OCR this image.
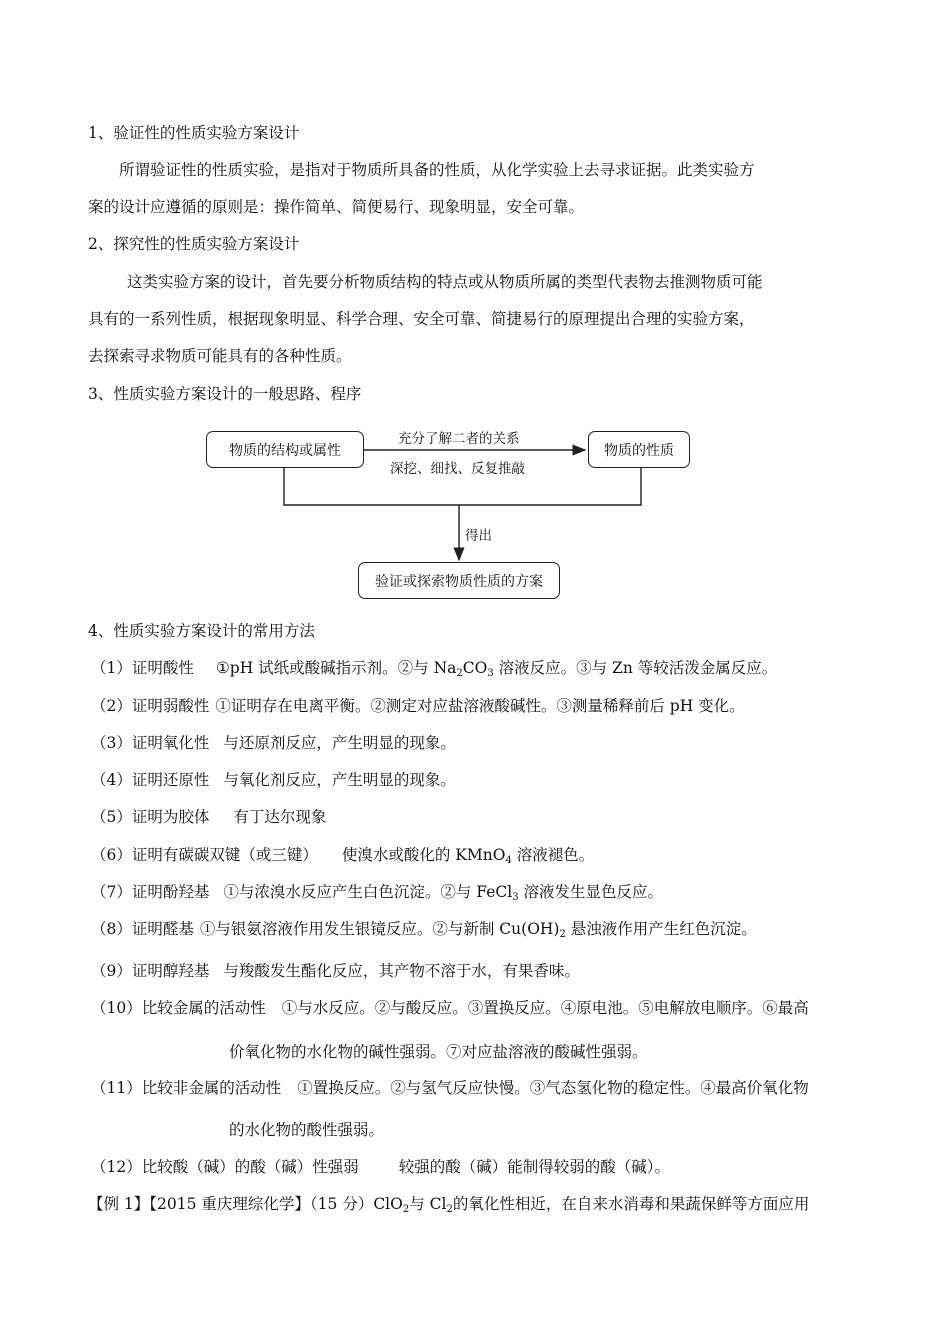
1、验证性的性质实验方案设计
所谓验证性的性质实验，是指对于物质所具备的性质，从化学实验上去寻求证据。此类实验方
案的设计应遵循的原则是：操作简单、简便易行、现象明显，安全可靠。
2、探究性的性质实验方案设计
这类实验方案的设计，首先要分析物质结构的特点或从物质所属的类型代表物去推测物质可能
具有的一系列性质，根据现象明显、科学合理、安全可靠、简捷易行的原理提出合理的实验方案，
去探索寻求物质可能具有的各种性质。
3、性质实验方案设计的一般思路、程序
物质的结构或属性	物质的性质
充分了解二者的关系
深挖、细找、反复推敲
得出
验证或探索物质性质的方案
4、性质实验方案设计的常用方法
（1）证明酸性 ①pH 试纸或酸碱指示剂。②与 $Na_2CO_3$ 溶液反应。③与 Zn 等较活泼金属反应。
（2）证明弱酸性 ①证明存在电离平衡。②测定对应盐溶液酸碱性。③测量稀释前后 pH 变化。
（3）证明氧化性 与还原剂反应，产生明显的现象。
（4）证明还原性 与氧化剂反应，产生明显的现象。
（5）证明为胶体 有丁达尔现象
（6）证明有碳碳双键（或三键） 使溴水或酸化的 KMnO$_4$ 溶液褪色。
（7）证明酚羟基 ①与浓溴水反应产生白色沉淀。②与 FeCl$_3$ 溶液发生显色反应。
（8）证明醛基 ①与银氨溶液作用发生银镜反应。②与新制 $Cu(OH)_2$ 悬浊液作用产生红色沉淀。
（9）证明醇羟基 与羧酸发生酯化反应，其产物不溶于水，有果香味。
（10）比较金属的活动性 ①与水反应。②与酸反应。③置换反应。④原电池。⑤电解放电顺序。⑥最高
价氧化物的水化物的碱性强弱。⑦对应盐溶液的酸碱性强弱。
（11）比较非金属的活动性 ①置换反应。②与氢气反应快慢。③气态氢化物的稳定性。④最高价氧化物
的水化物的酸性强弱。
（12）比较酸（碱）的酸（碱）性强弱	较强的酸（碱）能制得较弱的酸（碱）。
【例 1】【2015 重庆理综化学】（15 分）ClO$_2$与 $Cl_2$的氧化性相近，在自来水消毒和果蔬保鲜等方面应用
